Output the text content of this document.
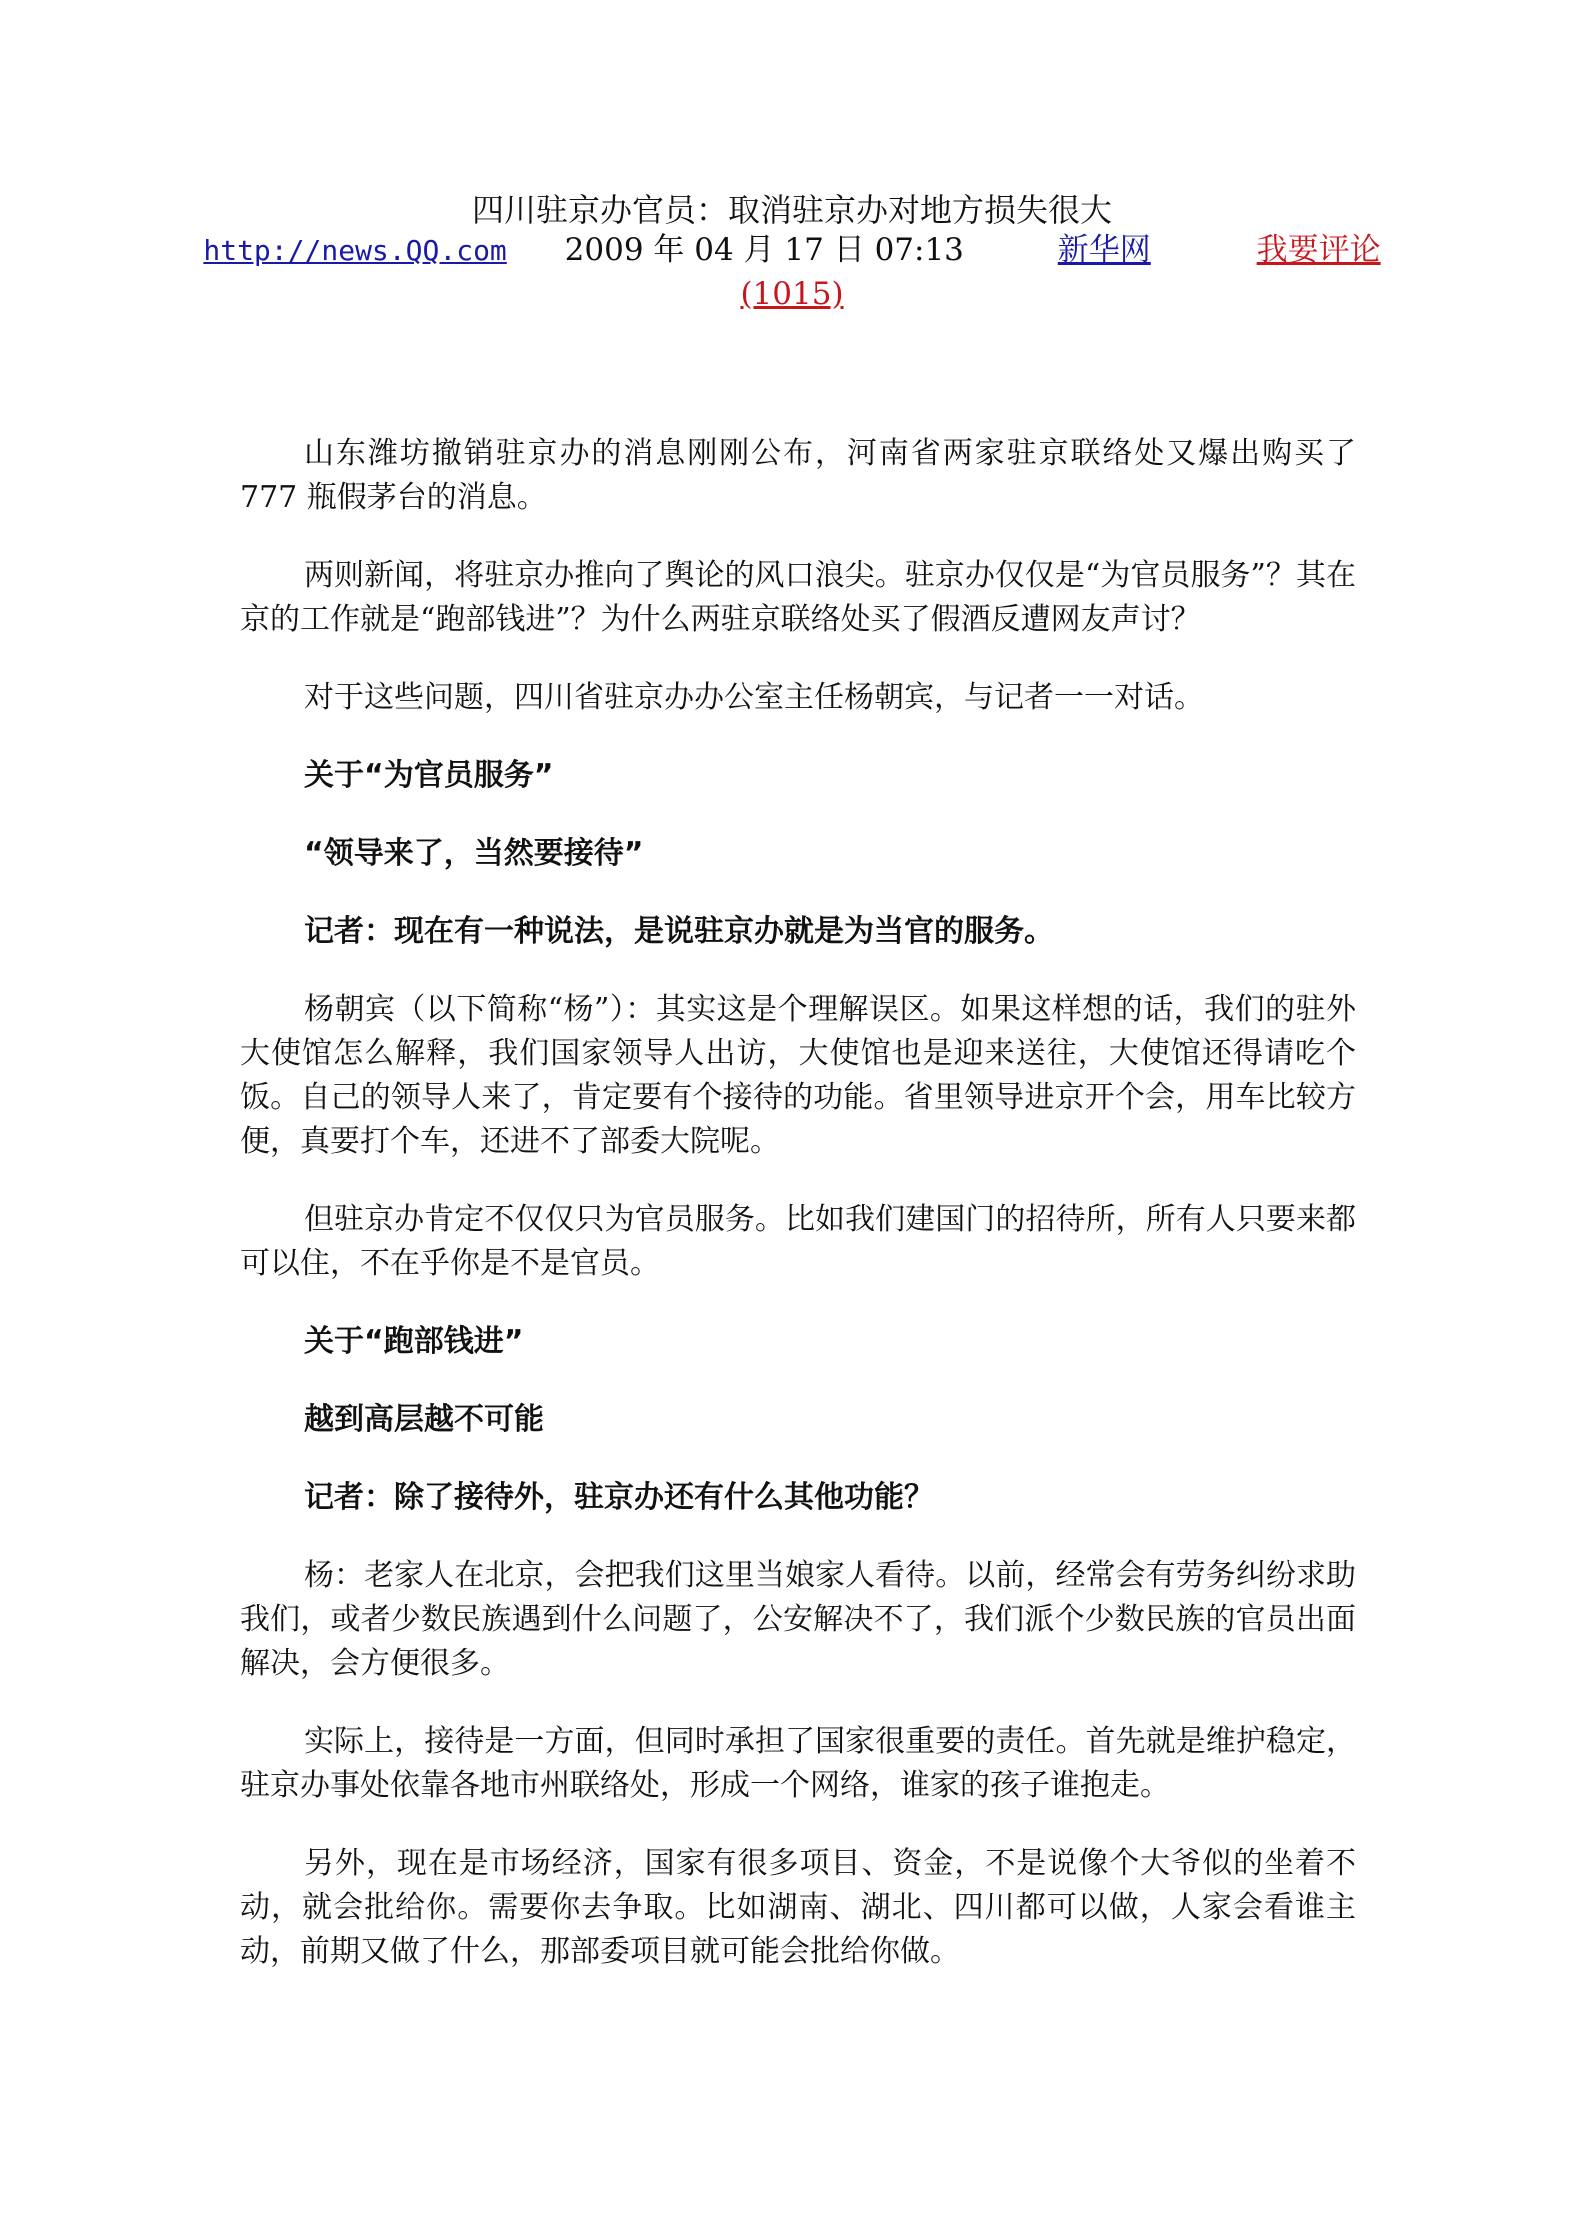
四川驻京办官员：取消驻京办对地方损失很大
http://news.QQ.com 2009 年 04 月 17 日 07:13	新华网	我要评论
(1015)

山东潍坊撤销驻京办的消息刚刚公布，河南省两家驻京联络处又爆出购买了 777 瓶假茅台的消息。

两则新闻，将驻京办推向了舆论的风口浪尖。驻京办仅仅是“为官员服务”？其在京的工作就是“跑部钱进”？为什么两驻京联络处买了假酒反遭网友声讨？

对于这些问题，四川省驻京办办公室主任杨朝宾，与记者一一对话。

关于“为官员服务”

“领导来了，当然要接待”

记者：现在有一种说法，是说驻京办就是为当官的服务。

杨朝宾（以下简称“杨”）：其实这是个理解误区。如果这样想的话，我们的驻外大使馆怎么解释，我们国家领导人出访，大使馆也是迎来送往，大使馆还得请吃个饭。自己的领导人来了，肯定要有个接待的功能。省里领导进京开个会，用车比较方便，真要打个车，还进不了部委大院呢。

但驻京办肯定不仅仅只为官员服务。比如我们建国门的招待所，所有人只要来都可以住，不在乎你是不是官员。

关于“跑部钱进”

越到高层越不可能

记者：除了接待外，驻京办还有什么其他功能？

杨：老家人在北京，会把我们这里当娘家人看待。以前，经常会有劳务纠纷求助我们，或者少数民族遇到什么问题了，公安解决不了，我们派个少数民族的官员出面解决，会方便很多。

实际上，接待是一方面，但同时承担了国家很重要的责任。首先就是维护稳定，驻京办事处依靠各地市州联络处，形成一个网络，谁家的孩子谁抱走。

另外，现在是市场经济，国家有很多项目、资金，不是说像个大爷似的坐着不动，就会批给你。需要你去争取。比如湖南、湖北、四川都可以做，人家会看谁主动，前期又做了什么，那部委项目就可能会批给你做。
